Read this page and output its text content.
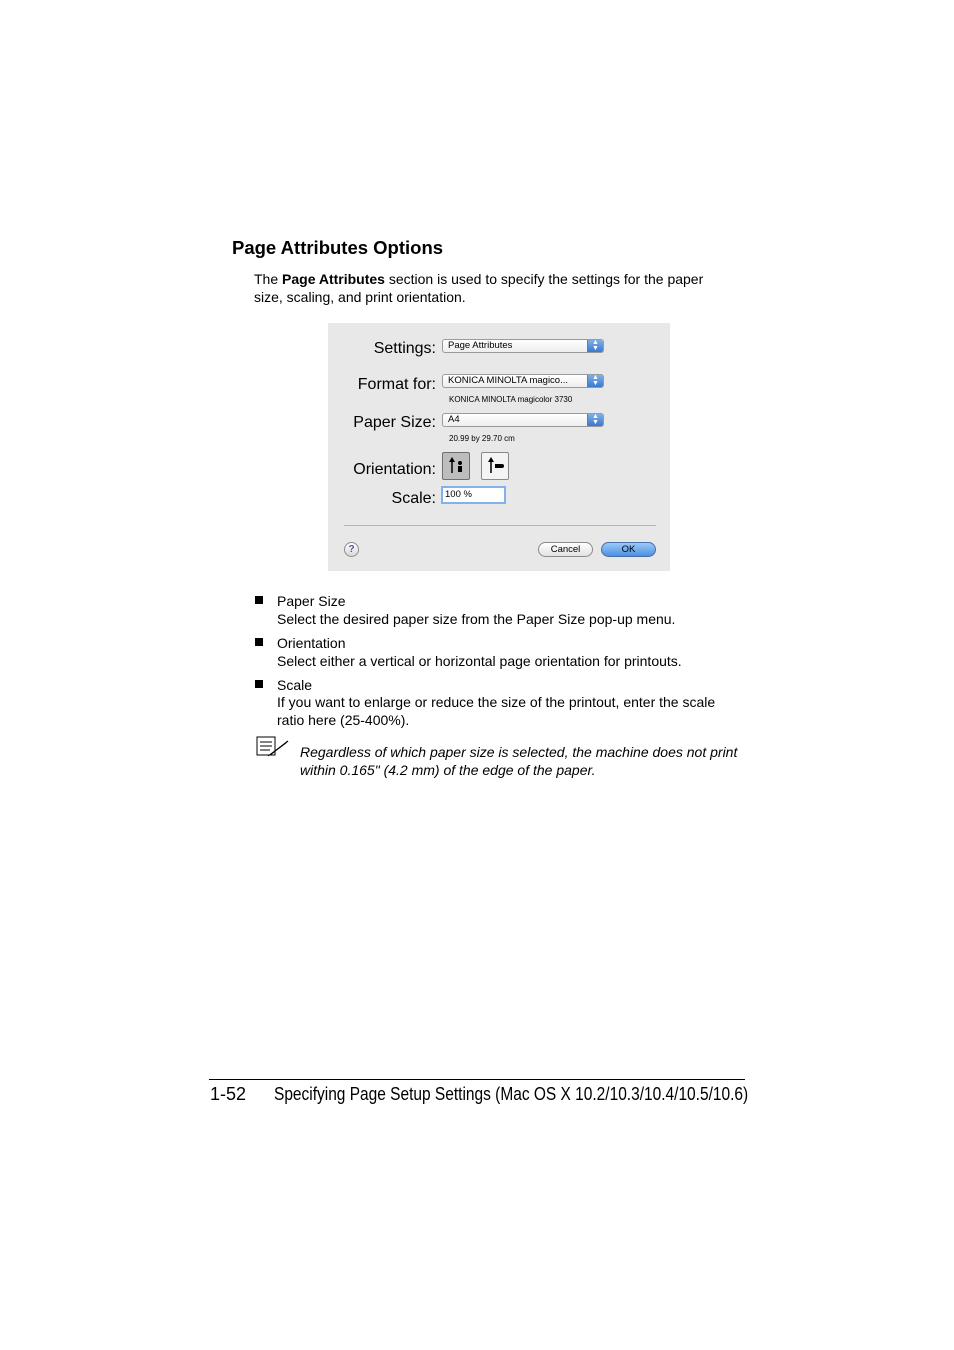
Page Attributes Options
The Page Attributes section is used to specify the settings for the paper size, scaling, and print orientation.
Settings:	Page Attributes	▲
▼
Format for:	KONICA MINOLTA magico...	▲
▼
KONICA MINOLTA magicolor 3730
Paper Size:	A4	▲
▼
20.99 by 29.70 cm
Orientation:
Scale: 100 %
?	Cancel	OK
Paper Size
Select the desired paper size from the Paper Size pop-up menu.
Orientation
Select either a vertical or horizontal page orientation for printouts.
Scale
If you want to enlarge or reduce the size of the printout, enter the scale
ratio here (25-400%).
Regardless of which paper size is selected, the machine does not print within 0.165" (4.2 mm) of the edge of the paper.
1-52 Specifying Page Setup Settings (Mac OS X 10.2/10.3/10.4/10.5/10.6)
